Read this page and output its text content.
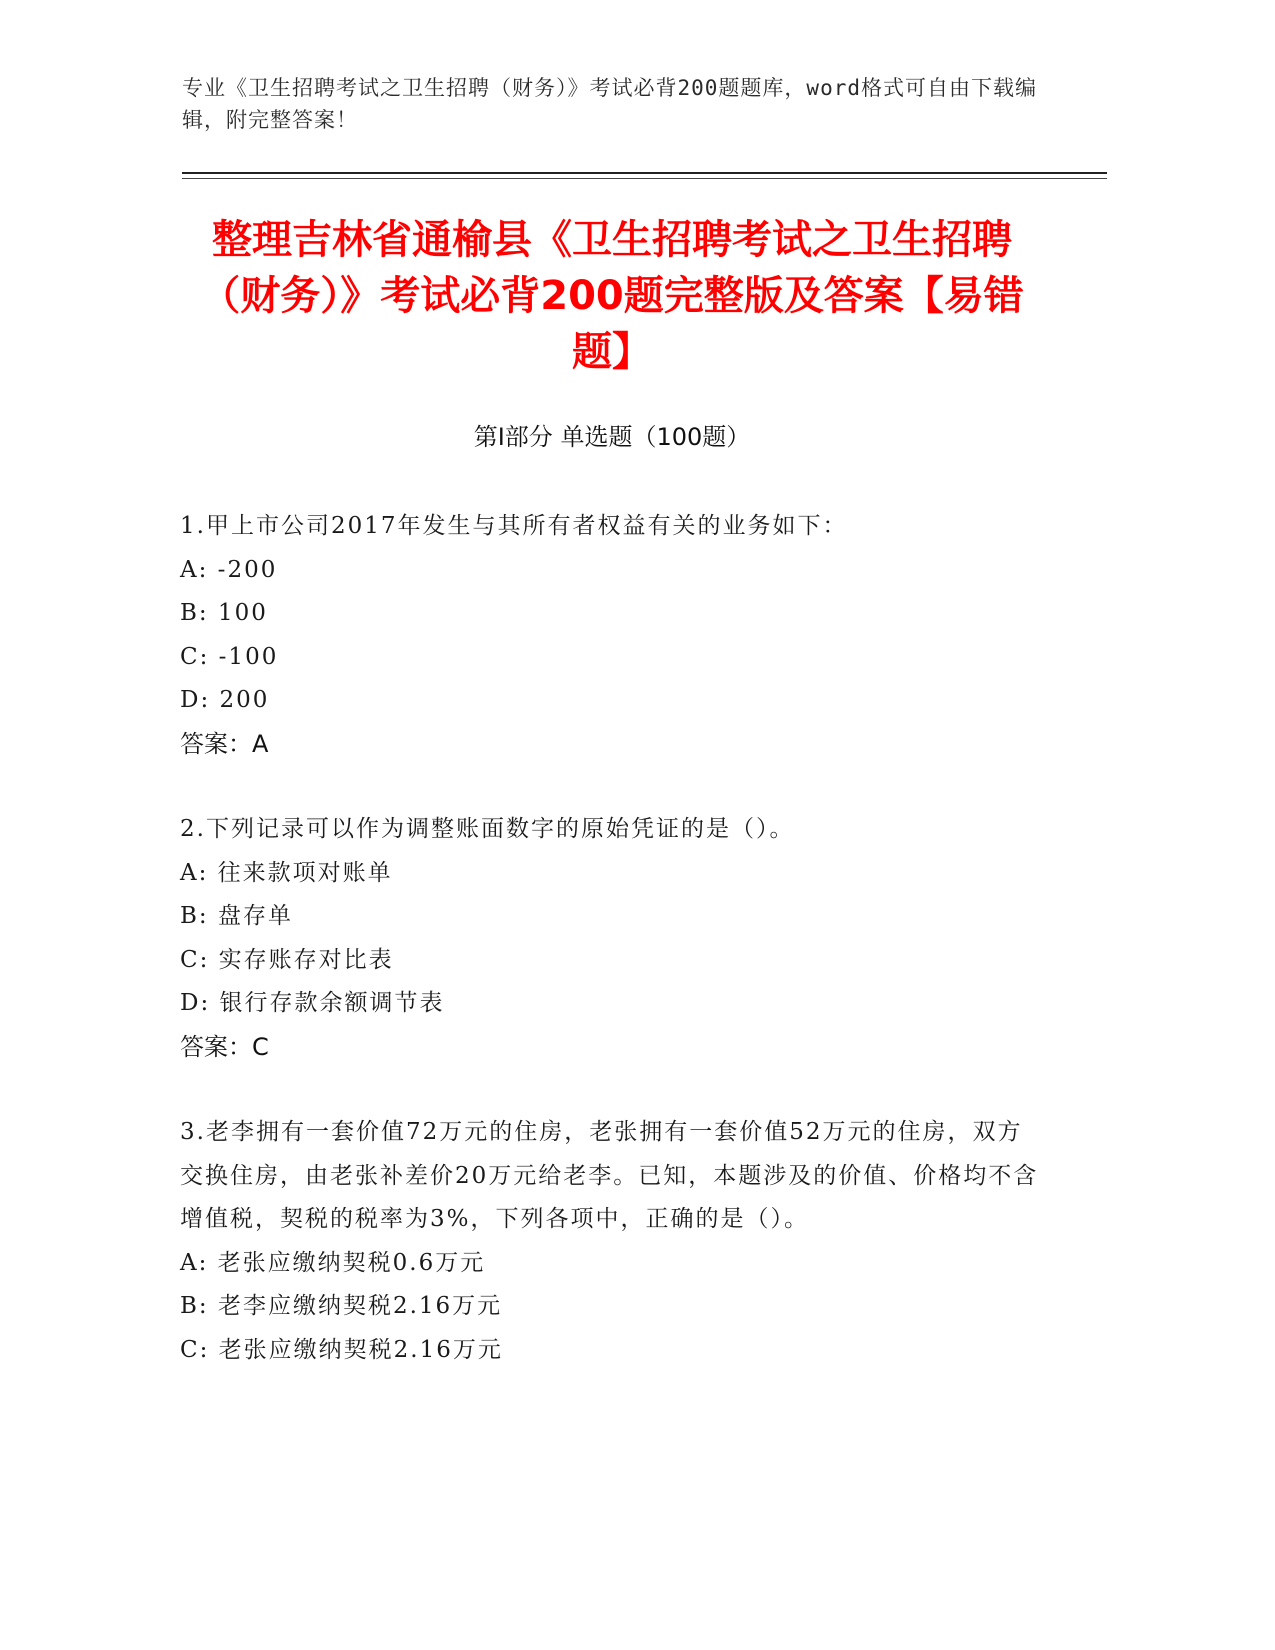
专业《卫生招聘考试之卫生招聘（财务）》考试必背200题题库，word格式可自由下载编辑，附完整答案！
整理吉林省通榆县《卫生招聘考试之卫生招聘（财务）》考试必背200题完整版及答案【易错题】
第Ⅰ部分 单选题（100题）
1.甲上市公司2017年发生与其所有者权益有关的业务如下：
A: -200
B: 100
C: -100
D: 200
答案：A
2.下列记录可以作为调整账面数字的原始凭证的是（）。
A: 往来款项对账单
B: 盘存单
C: 实存账存对比表
D: 银行存款余额调节表
答案：C
3.老李拥有一套价值72万元的住房，老张拥有一套价值52万元的住房，双方交换住房，由老张补差价20万元给老李。已知，本题涉及的价值、价格均不含增值税，契税的税率为3%，下列各项中，正确的是（）。
A: 老张应缴纳契税0.6万元
B: 老李应缴纳契税2.16万元
C: 老张应缴纳契税2.16万元
